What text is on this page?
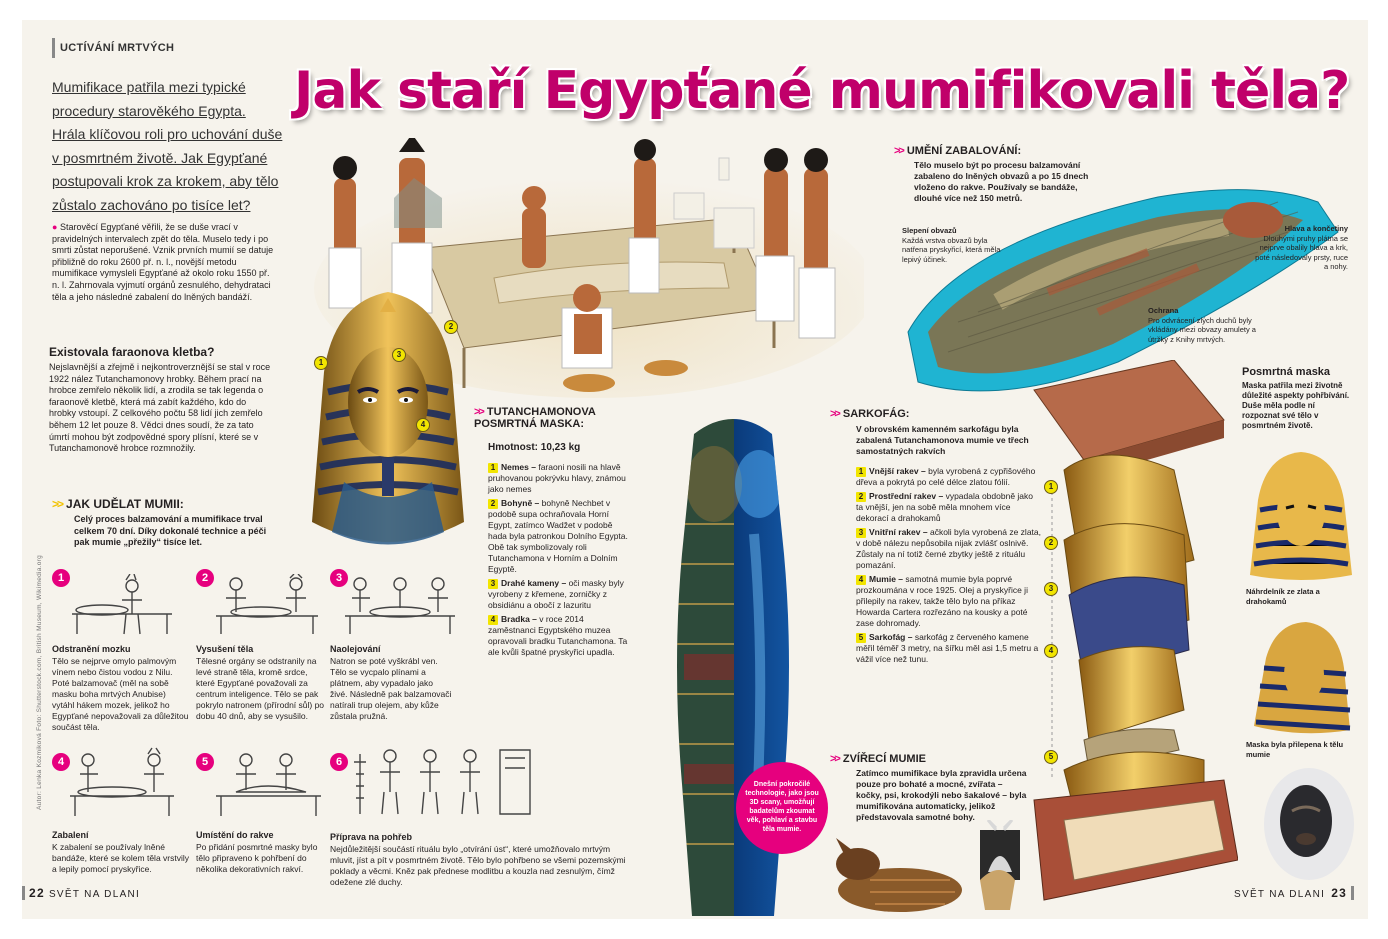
UCTÍVÁNÍ MRTVÝCH
Jak staří Egypťané mumifikovali těla?
Mumifikace patřila mezi typické
procedury starověkého Egypta.
Hrála klíčovou roli pro uchování duše
v posmrtném životě. Jak Egypťané
postupovali krok za krokem, aby tělo
zůstalo zachováno po tisíce let?
● Starověcí Egypťané věřili, že se duše vrací v pravidelných intervalech zpět do těla. Muselo tedy i po smrti zůstat neporušené. Vznik prvních mumií se datuje přibližně do roku 2600 př. n. l., novější metodu mumifikace vymysleli Egypťané až okolo roku 1550 př. n. l. Zahrnovala vyjmutí orgánů zesnulého, dehydrataci těla a jeho následné zabalení do lněných bandáží.
Existovala faraonova kletba?
Nejslavnější a zřejmě i nejkontroverznější se stal v roce 1922 nález Tutanchamonovy hrobky. Během prací na hrobce zemřelo několik lidí, a zrodila se tak legenda o faraonově kletbě, která má zabít každého, kdo do hrobky vstoupí. Z celkového počtu 58 lidí jich zemřelo během 12 let pouze 8. Vědci dnes soudí, že za tato úmrtí mohou být zodpovědné spory plísní, které se v Tutanchamonově hrobce rozmnožily.
>> JAK UDĚLAT MUMII:
Celý proces balzamování a mumifikace trval celkem 70 dní. Díky dokonalé technice a péči pak mumie „přežily“ tisíce let.
1
Odstranění mozku
Tělo se nejprve omylo palmovým vínem nebo čistou vodou z Nilu. Poté balzamovač (měl na sobě masku boha mrtvých Anubise) vytáhl hákem mozek, jelikož ho Egypťané nepovažovali za důležitou součást těla.
2
Vysušení těla
Tělesné orgány se odstranily na levé straně těla, kromě srdce, které Egypťané považovali za centrum inteligence. Tělo se pak pokrylo natronem (přírodní sůl) po dobu 40 dnů, aby se vysušilo.
3
Naolejování
Natron se poté vyškrábl ven. Tělo se vycpalo plínami a plátnem, aby vypadalo jako živé. Následně pak balzamovači natírali trup olejem, aby kůže zůstala pružná.
4
Zabalení
K zabalení se používaly lněné bandáže, které se kolem těla vrstvily a lepily pomocí pryskyřice.
5
Umístění do rakve
Po přidání posmrtné masky bylo tělo připraveno k pohřbení do několika dekorativních rakví.
6
Příprava na pohřeb
Nejdůležitější součástí rituálu bylo „otvírání úst“, které umožňovalo mrtvým mluvit, jíst a pít v posmrtném životě. Tělo bylo pohřbeno se všemi pozemskými poklady a věcmi. Kněz pak přednese modlitbu a kouzla nad zesnulým, čímž odežene zlé duchy.
Autor: Lenka Kozmiková Foto: Shutterstock.com, British Museum, Wikimedia.org
1
2
3
4
>> TUTANCHAMONOVA POSMRTNÁ MASKA:
Hmotnost: 10,23 kg
1 Nemes – faraoni nosili na hlavě pruhovanou pokrývku hlavy, známou jako nemes
2 Bohyně – bohyně Nechbet v podobě supa ochraňovala Horní Egypt, zatímco Wadžet v podobě hada byla patronkou Dolního Egypta. Obě tak symbolizovaly roli Tutanchamona v Horním a Dolním Egyptě.
3 Drahé kameny – oči masky byly vyrobeny z křemene, zorničky z obsidiánu a obočí z lazuritu
4 Bradka – v roce 2014 zaměstnanci Egyptského muzea opravovali bradku Tutanchamona. Ta ale kvůli špatné pryskyřici upadla.
Dnešní pokročilé technologie, jako jsou 3D scany, umožňují badatelům zkoumat věk, pohlaví a stavbu těla mumie.
>> UMĚNÍ ZABALOVÁNÍ:
Tělo muselo být po procesu balzamování zabaleno do lněných obvazů a po 15 dnech vloženo do rakve. Používaly se bandáže, dlouhé více než 150 metrů.
Slepení obvazů
Každá vrstva obvazů byla natřena pryskyřicí, která měla lepivý účinek.
Hlava a končetiny
Dlouhými pruhy plátna se nejprve obalily hlava a krk, poté následovaly prsty, ruce a nohy.
Ochrana
Pro odvrácení zlých duchů byly vkládány mezi obvazy amulety a útržky z Knihy mrtvých.
>> SARKOFÁG:
V obrovském kamenném sarkofágu byla zabalená Tutanchamonova mumie ve třech samostatných rakvích
1 Vnější rakev – byla vyrobená z cypřišového dřeva a pokrytá po celé délce zlatou fólií.
2 Prostřední rakev – vypadala obdobně jako ta vnější, jen na sobě měla mnohem více dekorací a drahokamů
3 Vnitřní rakev – ačkoli byla vyrobená ze zlata, v době nálezu nepůsobila nijak zvlášť oslnivě. Zůstaly na ní totiž černé zbytky ještě z rituálu pomazání.
4 Mumie – samotná mumie byla poprvé prozkoumána v roce 1925. Olej a pryskyřice ji přilepily na rakev, takže tělo bylo na příkaz Howarda Cartera rozřezáno na kousky a poté zase dohromady.
5 Sarkofág – sarkofág z červeného kamene měřil téměř 3 metry, na šířku měl asi 1,5 metru a vážil více než tunu.
1
2
3
4
5
>> ZVÍŘECÍ MUMIE
Zatímco mumifikace byla zpravidla určena pouze pro bohaté a mocné, zvířata – kočky, psi, krokodýli nebo šakalové – byla mumifikována automaticky, jelikož představovala samotné bohy.
Posmrtná maska
Maska patřila mezi životně důležité aspekty pohřbívání. Duše měla podle ní rozpoznat své tělo v posmrtném životě.
Náhrdelník ze zlata a drahokamů
Maska byla přilepena k tělu mumie
22 SVĚT NA DLANI	SVĚT NA DLANI 23
